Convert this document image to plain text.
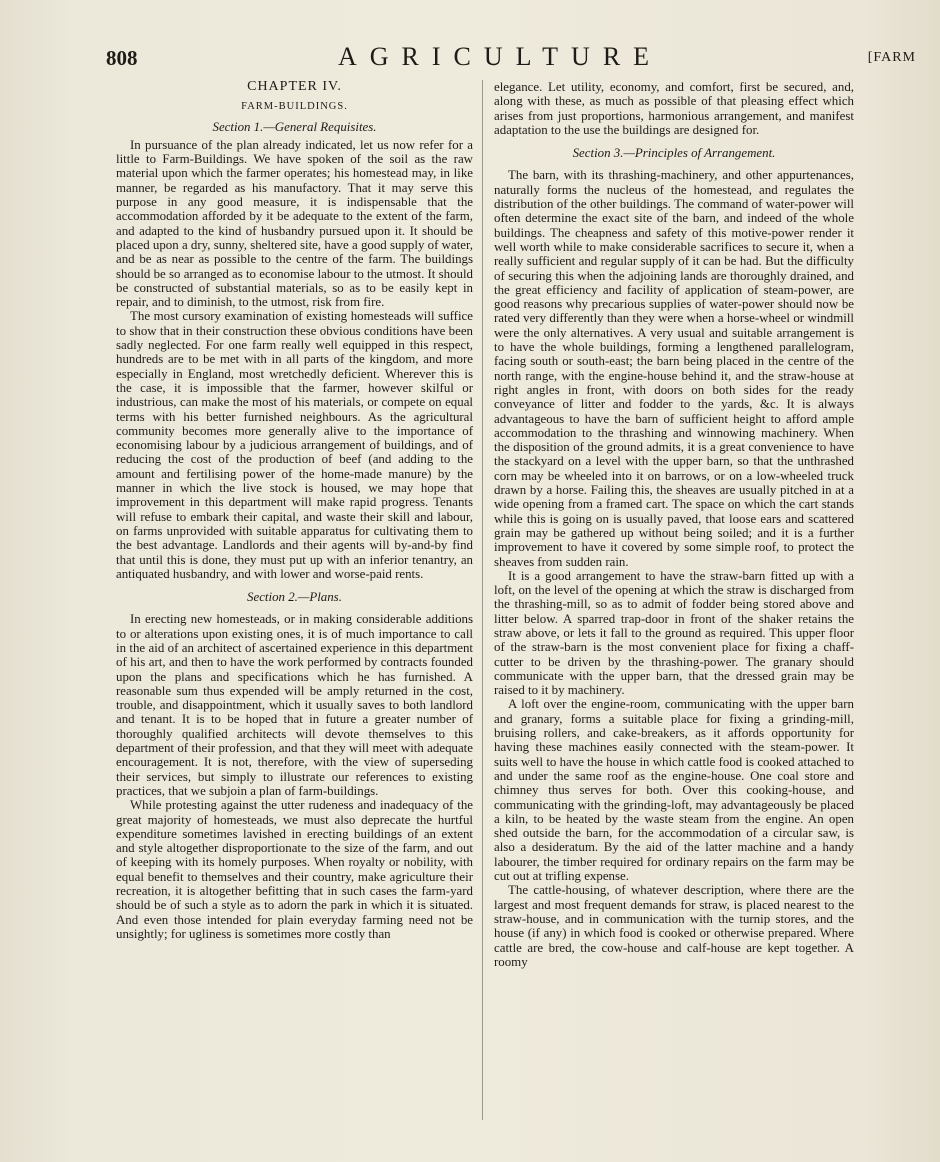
808	AGRICULTURE	[FARM
CHAPTER IV.
FARM-BUILDINGS.
Section 1.—General Requisites.

In pursuance of the plan already indicated, let us now refer for a little to Farm-Buildings. We have spoken of the soil as the raw material upon which the farmer operates; his homestead may, in like manner, be regarded as his manufactory. That it may serve this purpose in any good measure, it is indispensable that the accommodation afforded by it be adequate to the extent of the farm, and adapted to the kind of husbandry pursued upon it. It should be placed upon a dry, sunny, sheltered site, have a good supply of water, and be as near as possible to the centre of the farm. The buildings should be so arranged as to economise labour to the utmost. It should be constructed of substantial materials, so as to be easily kept in repair, and to diminish, to the utmost, risk from fire.

The most cursory examination of existing homesteads will suffice to show that in their construction these obvious conditions have been sadly neglected. For one farm really well equipped in this respect, hundreds are to be met with in all parts of the kingdom, and more especially in England, most wretchedly deficient. Wherever this is the case, it is impossible that the farmer, however skilful or industrious, can make the most of his materials, or compete on equal terms with his better furnished neighbours. As the agricultural community becomes more generally alive to the importance of economising labour by a judicious arrangement of buildings, and of reducing the cost of the production of beef (and adding to the amount and fertilising power of the home-made manure) by the manner in which the live stock is housed, we may hope that improvement in this department will make rapid progress. Tenants will refuse to embark their capital, and waste their skill and labour, on farms unprovided with suitable apparatus for cultivating them to the best advantage. Landlords and their agents will by-and-by find that until this is done, they must put up with an inferior tenantry, an antiquated husbandry, and with lower and worse-paid rents.

Section 2.—Plans.

In erecting new homesteads, or in making considerable additions to or alterations upon existing ones, it is of much importance to call in the aid of an architect of ascertained experience in this department of his art, and then to have the work performed by contracts founded upon the plans and specifications which he has furnished. A reasonable sum thus expended will be amply returned in the cost, trouble, and disappointment, which it usually saves to both landlord and tenant. It is to be hoped that in future a greater number of thoroughly qualified architects will devote themselves to this department of their profession, and that they will meet with adequate encouragement. It is not, therefore, with the view of superseding their services, but simply to illustrate our references to existing practices, that we subjoin a plan of farm-buildings.

While protesting against the utter rudeness and inadequacy of the great majority of homesteads, we must also deprecate the hurtful expenditure sometimes lavished in erecting buildings of an extent and style altogether disproportionate to the size of the farm, and out of keeping with its homely purposes. When royalty or nobility, with equal benefit to themselves and their country, make agriculture their recreation, it is altogether befitting that in such cases the farm-yard should be of such a style as to adorn the park in which it is situated. And even those intended for plain everyday farming need not be unsightly; for ugliness is sometimes more costly than

elegance. Let utility, economy, and comfort, first be secured, and, along with these, as much as possible of that pleasing effect which arises from just proportions, harmonious arrangement, and manifest adaptation to the use the buildings are designed for.

Section 3.—Principles of Arrangement.

The barn, with its thrashing-machinery, and other appurtenances, naturally forms the nucleus of the homestead, and regulates the distribution of the other buildings. The command of water-power will often determine the exact site of the barn, and indeed of the whole buildings. The cheapness and safety of this motive-power render it well worth while to make considerable sacrifices to secure it, when a really sufficient and regular supply of it can be had. But the difficulty of securing this when the adjoining lands are thoroughly drained, and the great efficiency and facility of application of steam-power, are good reasons why precarious supplies of water-power should now be rated very differently than they were when a horse-wheel or windmill were the only alternatives. A very usual and suitable arrangement is to have the whole buildings, forming a lengthened parallelogram, facing south or south-east; the barn being placed in the centre of the north range, with the engine-house behind it, and the straw-house at right angles in front, with doors on both sides for the ready conveyance of litter and fodder to the yards, &c. It is always advantageous to have the barn of sufficient height to afford ample accommodation to the thrashing and winnowing machinery. When the disposition of the ground admits, it is a great convenience to have the stackyard on a level with the upper barn, so that the unthrashed corn may be wheeled into it on barrows, or on a low-wheeled truck drawn by a horse. Failing this, the sheaves are usually pitched in at a wide opening from a framed cart. The space on which the cart stands while this is going on is usually paved, that loose ears and scattered grain may be gathered up without being soiled; and it is a further improvement to have it covered by some simple roof, to protect the sheaves from sudden rain.

It is a good arrangement to have the straw-barn fitted up with a loft, on the level of the opening at which the straw is discharged from the thrashing-mill, so as to admit of fodder being stored above and litter below. A sparred trap-door in front of the shaker retains the straw above, or lets it fall to the ground as required. This upper floor of the straw-barn is the most convenient place for fixing a chaff-cutter to be driven by the thrashing-power. The granary should communicate with the upper barn, that the dressed grain may be raised to it by machinery.

A loft over the engine-room, communicating with the upper barn and granary, forms a suitable place for fixing a grinding-mill, bruising rollers, and cake-breakers, as it affords opportunity for having these machines easily connected with the steam-power. It suits well to have the house in which cattle food is cooked attached to and under the same roof as the engine-house. One coal store and chimney thus serves for both. Over this cooking-house, and communicating with the grinding-loft, may advantageously be placed a kiln, to be heated by the waste steam from the engine. An open shed outside the barn, for the accommodation of a circular saw, is also a desideratum. By the aid of the latter machine and a handy labourer, the timber required for ordinary repairs on the farm may be cut out at trifling expense.

The cattle-housing, of whatever description, where there are the largest and most frequent demands for straw, is placed nearest to the straw-house, and in communication with the turnip stores, and the house (if any) in which food is cooked or otherwise prepared. Where cattle are bred, the cow-house and calf-house are kept together. A roomy
